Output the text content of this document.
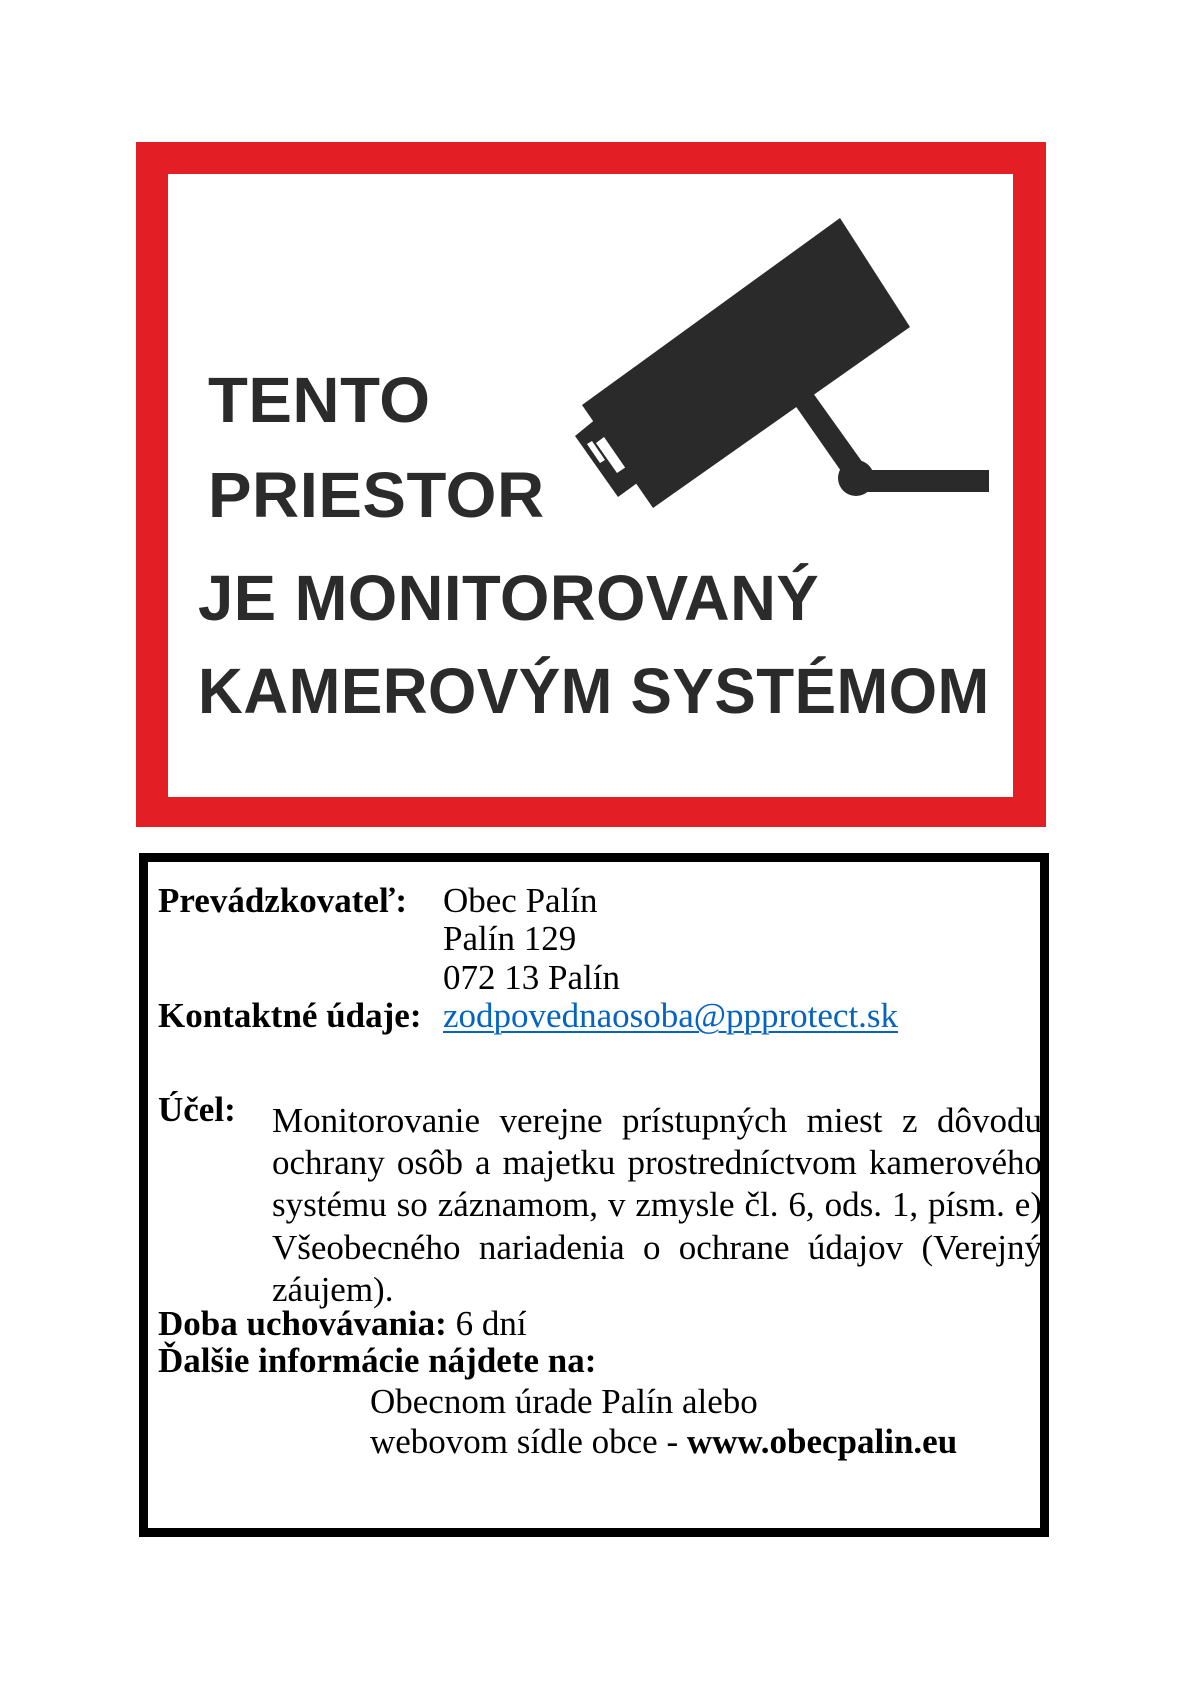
TENTO

PRIESTOR

JE MONITOROVANÝ

KAMEROVÝM SYSTÉMOM

Prevádzkovateľ: Obec Palín
Palín 129
072 13 Palín
Kontaktné údaje: zodpovednaosoba@ppprotect.sk
Účel: Monitorovanie verejne prístupných miest z dôvodu ochrany osôb a majetku prostredníctvom kamerového systému so záznamom, v zmysle čl. 6, ods. 1, písm. e) Všeobecného nariadenia o ochrane údajov (Verejný záujem).
Doba uchovávania: 6 dní
Ďalšie informácie nájdete na:
Obecnom úrade Palín alebo
webovom sídle obce - www.obecpalin.eu
